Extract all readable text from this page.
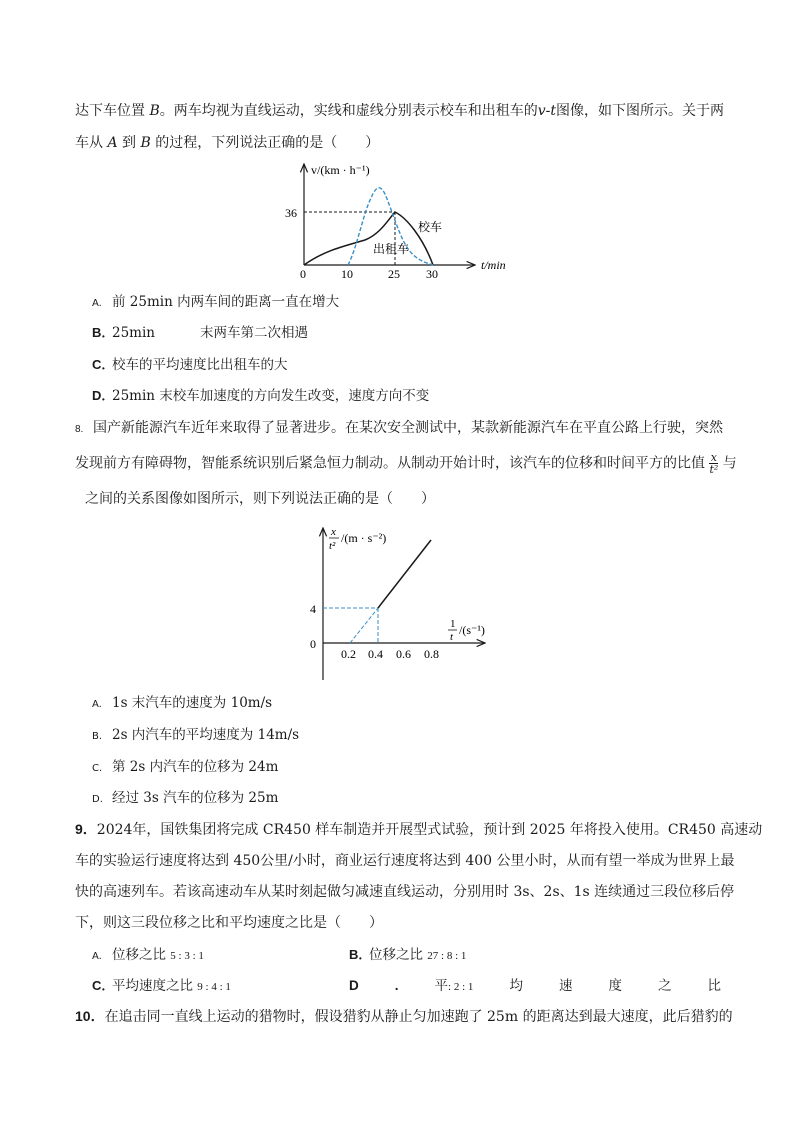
达下车位置 B。两车均视为直线运动，实线和虚线分别表示校车和出租车的v-t图像，如下图所示。关于两
车从 A 到 B 的过程，下列说法正确的是（　　）
v/(km · h⁻¹)
36
0	10	25 30
t/min
校车
出租车
A. 前 25min 内两车间的距离一直在增大
B．25min	末两车第二次相遇
C．校车的平均速度比出租车的大
D．25min 末校车加速度的方向发生改变，速度方向不变
8. 国产新能源汽车近年来取得了显著进步。在某次安全测试中，某款新能源汽车在平直公路上行驶，突然
发现前方有障碍物，智能系统识别后紧急恒力制动。从制动开始计时，该汽车的位移和时间平方的比值 $\frac{x}{\text{t²}}$ 与
之间的关系图像如图所示，则下列说法正确的是（　　）
x
t²
/(m · s⁻²)
1
t /(s⁻¹)
4
0
0.2 0.4 0.6 0.8
A. 1s 末汽车的速度为 10m/s
B. 2s 内汽车的平均速度为 14m/s
C. 第 2s 内汽车的位移为 24m
D. 经过 3s 汽车的位移为 25m
9．2024年，国铁集团将完成 CR450 样车制造并开展型式试验，预计到 2025 年将投入使用。CR450 高速动
车的实验运行速度将达到 450公里/小时，商业运行速度将达到 400 公里小时，从而有望一举成为世界上最
快的高速列车。若该高速动车从某时刻起做匀减速直线运动，分别用时 3s、2s、1s 连续通过三段位移后停
下，则这三段位移之比和平均速度之比是（　　）
A. 位移之比 5 : 3 : 1	B．位移之比 27 : 8 : 1
C．平均速度之比 9 : 4 : 1	D	.	平: 2 : 1	均	速	度	之	比
10．在追击同一直线上运动的猎物时，假设猎豹从静止匀加速跑了 25m 的距离达到最大速度，此后猎豹的
